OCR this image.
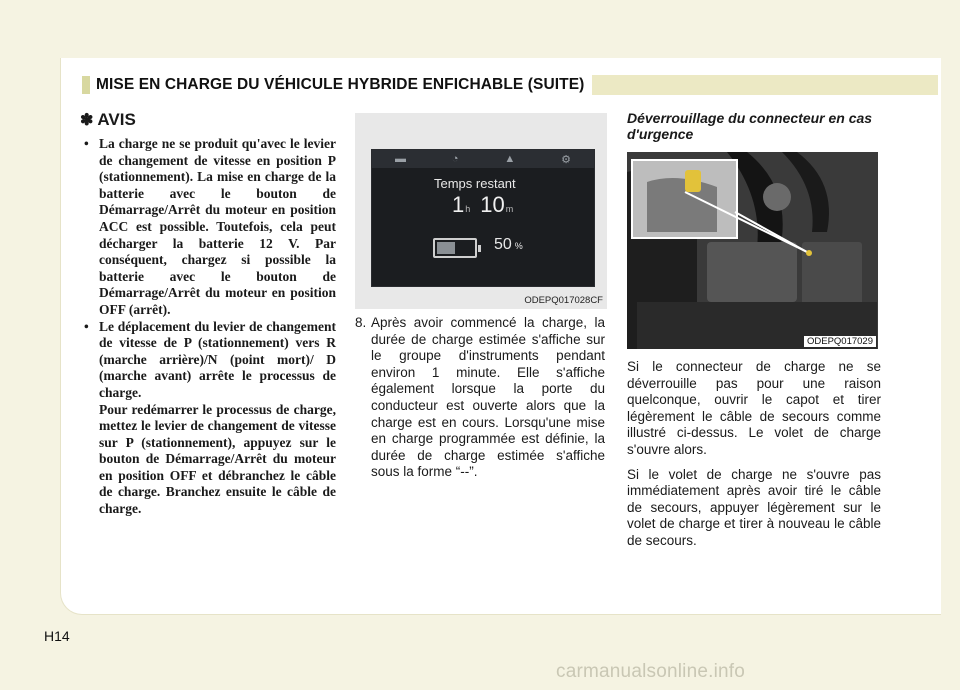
MISE EN CHARGE DU VÉHICULE HYBRIDE ENFICHABLE (SUITE)
✽ AVIS

• La charge ne se produit qu'avec le levier de changement de vitesse en position P (stationnement). La mise en charge de la batterie avec le bouton de Démarrage/Arrêt du moteur en position ACC est possible. Toutefois, cela peut décharger la batterie 12 V. Par conséquent, chargez si possible la batterie avec le bouton de Démarrage/Arrêt du moteur en position OFF (arrêt).

• Le déplacement du levier de changement de vitesse de P (stationnement) vers R (marche arrière)/N (point mort)/ D (marche avant) arrête le processus de charge.

Pour redémarrer le processus de charge, mettez le levier de changement de vitesse sur P (stationnement), appuyez sur le bouton de Démarrage/Arrêt du moteur en position OFF et débranchez le câble de charge. Branchez ensuite le câble de charge.

▬	◔	▲	⚙
Temps restant
1h 10m
50 %
ODEPQ017028CF

8. Après avoir commencé la charge, la durée de charge estimée s'affiche sur le groupe d'instruments pendant environ 1 minute. Elle s'affiche également lorsque la porte du conducteur est ouverte alors que la charge est en cours. Lorsqu'une mise en charge programmée est définie, la durée de charge estimée s'affiche sous la forme “--”.

Déverrouillage du connecteur en cas d'urgence

ODEPQ017029

Si le connecteur de charge ne se déverrouille pas pour une raison quelconque, ouvrir le capot et tirer légèrement le câble de secours comme illustré ci-dessus. Le volet de charge s'ouvre alors.

Si le volet de charge ne s'ouvre pas immédiatement après avoir tiré le câble de secours, appuyer légèrement sur le volet de charge et tirer à nouveau le câble de secours.

H14
carmanualsonline.info
